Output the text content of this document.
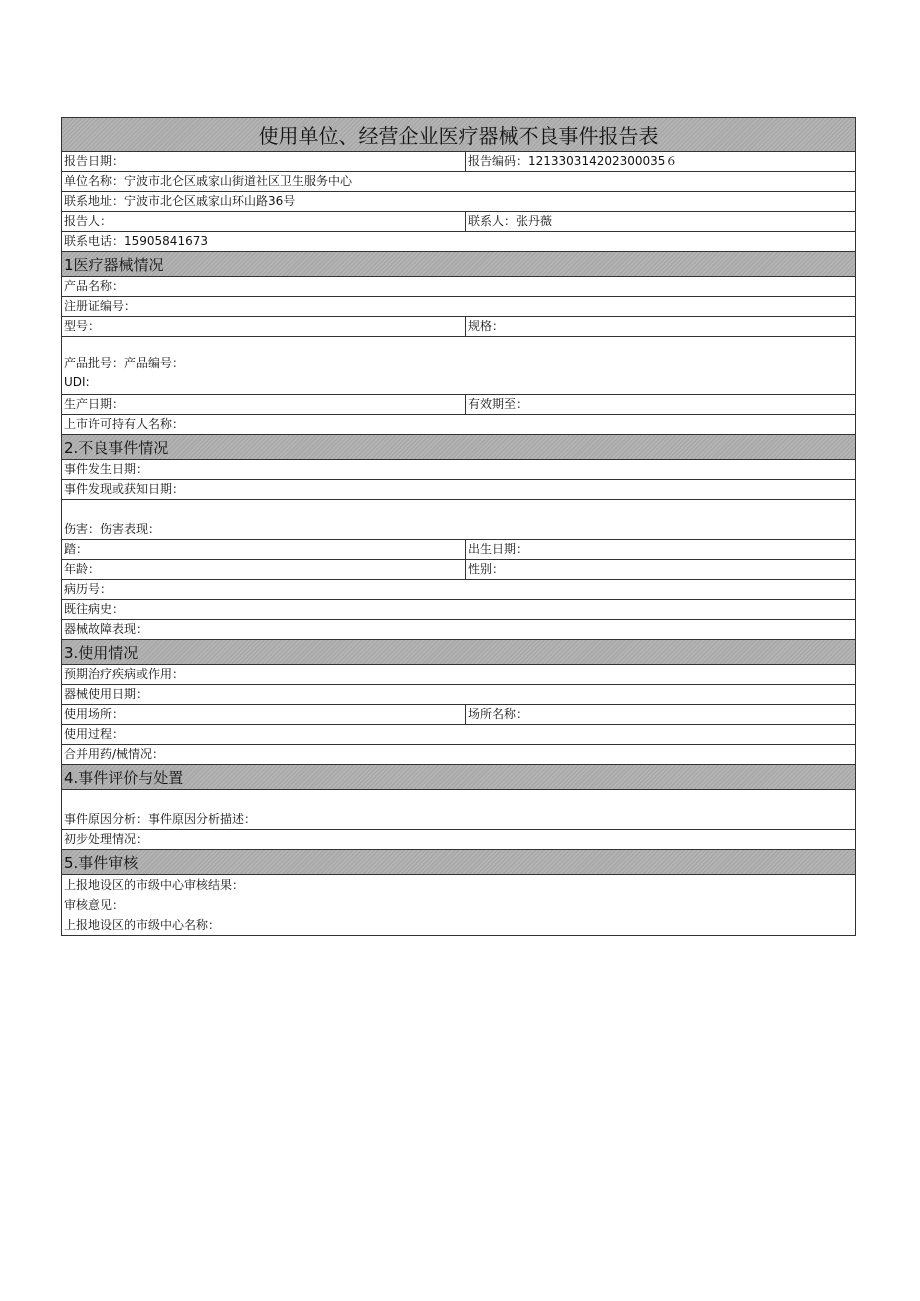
使用单位、经营企业医疗器械不良事件报告表
报告日期：	报告编码：121330314202300035６
单位名称：宁波市北仑区戚家山街道社区卫生服务中心
联系地址：宁波市北仑区戚家山环山路36号
报告人：	联系人：张丹薇
联系电话：15905841673
1医疗器械情况
产品名称：
注册证编号：
型号：	规格：
产品批号：产品编号：
UDI:
生产日期：	有效期至：
上市许可持有人名称：
2.不良事件情况
事件发生日期：
事件发现或获知日期：
伤害：伤害表现：
踏：	出生日期：
年龄：	性别：
病历号：
既往病史：
器械故障表现：
3.使用情况
预期治疗疾病或作用：
器械使用日期：
使用场所：	场所名称：
使用过程：
合并用药/械情况：
4.事件评价与处置
事件原因分析：事件原因分析描述：
初步处理情况：
5.事件审核
上报地设区的市级中心审核结果：
审核意见：
上报地设区的市级中心名称：
